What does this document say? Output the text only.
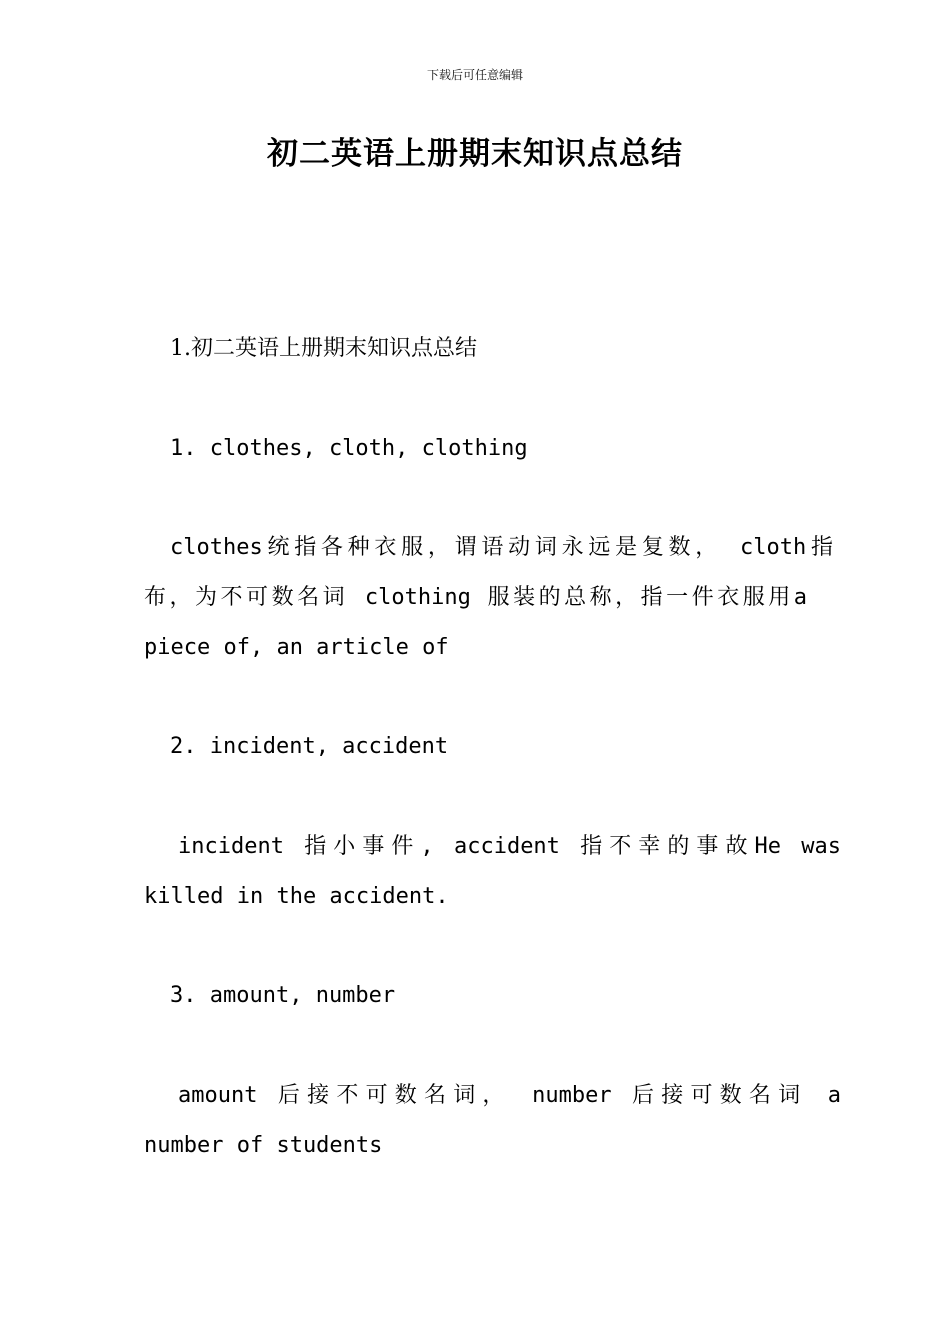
下载后可任意编辑
初二英语上册期末知识点总结
1.初二英语上册期末知识点总结
1. clothes, cloth, clothing
clothes统指各种衣服，谓语动词永远是复数， cloth指
布，为不可数名词 clothing 服装的总称，指一件衣服用a
piece of, an article of
2. incident, accident
incident 指小事件, accident 指不幸的事故He was
killed in the accident.
3. amount, number
amount 后接不可数名词， number 后接可数名词 a
number of students
